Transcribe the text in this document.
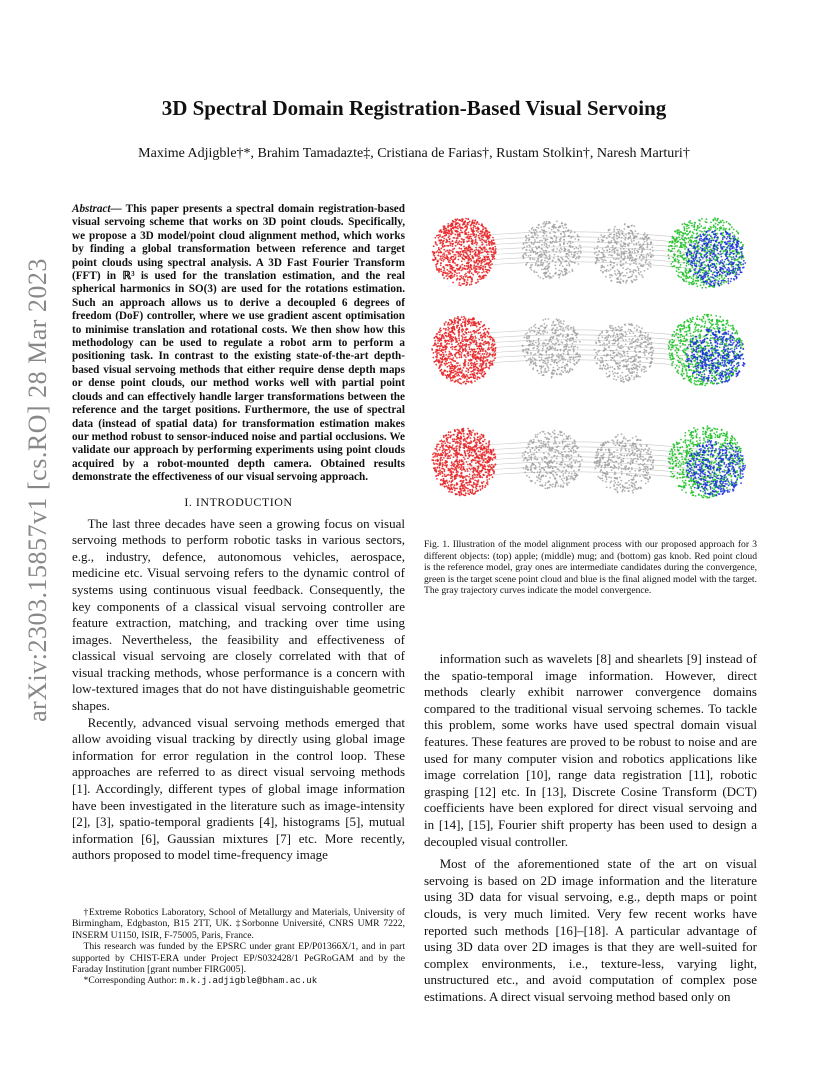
arXiv:2303.15857v1 [cs.RO] 28 Mar 2023
3D Spectral Domain Registration-Based Visual Servoing
Maxime Adjigble†*, Brahim Tamadazte‡, Cristiana de Farias†, Rustam Stolkin†, Naresh Marturi†

Abstract— This paper presents a spectral domain registration-based visual servoing scheme that works on 3D point clouds. Specifically, we propose a 3D model/point cloud alignment method, which works by finding a global transformation between reference and target point clouds using spectral analysis. A 3D Fast Fourier Transform (FFT) in ℝ³ is used for the translation estimation, and the real spherical harmonics in SO(3) are used for the rotations estimation. Such an approach allows us to derive a decoupled 6 degrees of freedom (DoF) controller, where we use gradient ascent optimisation to minimise translation and rotational costs. We then show how this methodology can be used to regulate a robot arm to perform a positioning task. In contrast to the existing state-of-the-art depth-based visual servoing methods that either require dense depth maps or dense point clouds, our method works well with partial point clouds and can effectively handle larger transformations between the reference and the target positions. Furthermore, the use of spectral data (instead of spatial data) for transformation estimation makes our method robust to sensor-induced noise and partial occlusions. We validate our approach by performing experiments using point clouds acquired by a robot-mounted depth camera. Obtained results demonstrate the effectiveness of our visual servoing approach.

I. INTRODUCTION

The last three decades have seen a growing focus on visual servoing methods to perform robotic tasks in various sectors, e.g., industry, defence, autonomous vehicles, aerospace, medicine etc. Visual servoing refers to the dynamic control of systems using continuous visual feedback. Consequently, the key components of a classical visual servoing controller are feature extraction, matching, and tracking over time using images. Nevertheless, the feasibility and effectiveness of classical visual servoing are closely correlated with that of visual tracking methods, whose performance is a concern with low-textured images that do not have distinguishable geometric shapes.

Recently, advanced visual servoing methods emerged that allow avoiding visual tracking by directly using global image information for error regulation in the control loop. These approaches are referred to as direct visual servoing methods [1]. Accordingly, different types of global image information have been investigated in the literature such as image-intensity [2], [3], spatio-temporal gradients [4], histograms [5], mutual information [6], Gaussian mixtures [7] etc. More recently, authors proposed to model time-frequency image

†Extreme Robotics Laboratory, School of Metallurgy and Materials, University of Birmingham, Edgbaston, B15 2TT, UK. ‡Sorbonne Université, CNRS UMR 7222, INSERM U1150, ISIR, F-75005, Paris, France.

This research was funded by the EPSRC under grant EP/P01366X/1, and in part supported by CHIST-ERA under Project EP/S032428/1 PeGRoGAM and by the Faraday Institution [grant number FIRG005].

*Corresponding Author: m.k.j.adjigble@bham.ac.uk

Fig. 1. Illustration of the model alignment process with our proposed approach for 3 different objects: (top) apple; (middle) mug; and (bottom) gas knob. Red point cloud is the reference model, gray ones are intermediate candidates during the convergence, green is the target scene point cloud and blue is the final aligned model with the target. The gray trajectory curves indicate the model convergence.

information such as wavelets [8] and shearlets [9] instead of the spatio-temporal image information. However, direct methods clearly exhibit narrower convergence domains compared to the traditional visual servoing schemes. To tackle this problem, some works have used spectral domain visual features. These features are proved to be robust to noise and are used for many computer vision and robotics applications like image correlation [10], range data registration [11], robotic grasping [12] etc. In [13], Discrete Cosine Transform (DCT) coefficients have been explored for direct visual servoing and in [14], [15], Fourier shift property has been used to design a decoupled visual controller.

Most of the aforementioned state of the art on visual servoing is based on 2D image information and the literature using 3D data for visual servoing, e.g., depth maps or point clouds, is very much limited. Very few recent works have reported such methods [16]–[18]. A particular advantage of using 3D data over 2D images is that they are well-suited for complex environments, i.e., texture-less, varying light, unstructured etc., and avoid computation of complex pose estimations. A direct visual servoing method based only on
